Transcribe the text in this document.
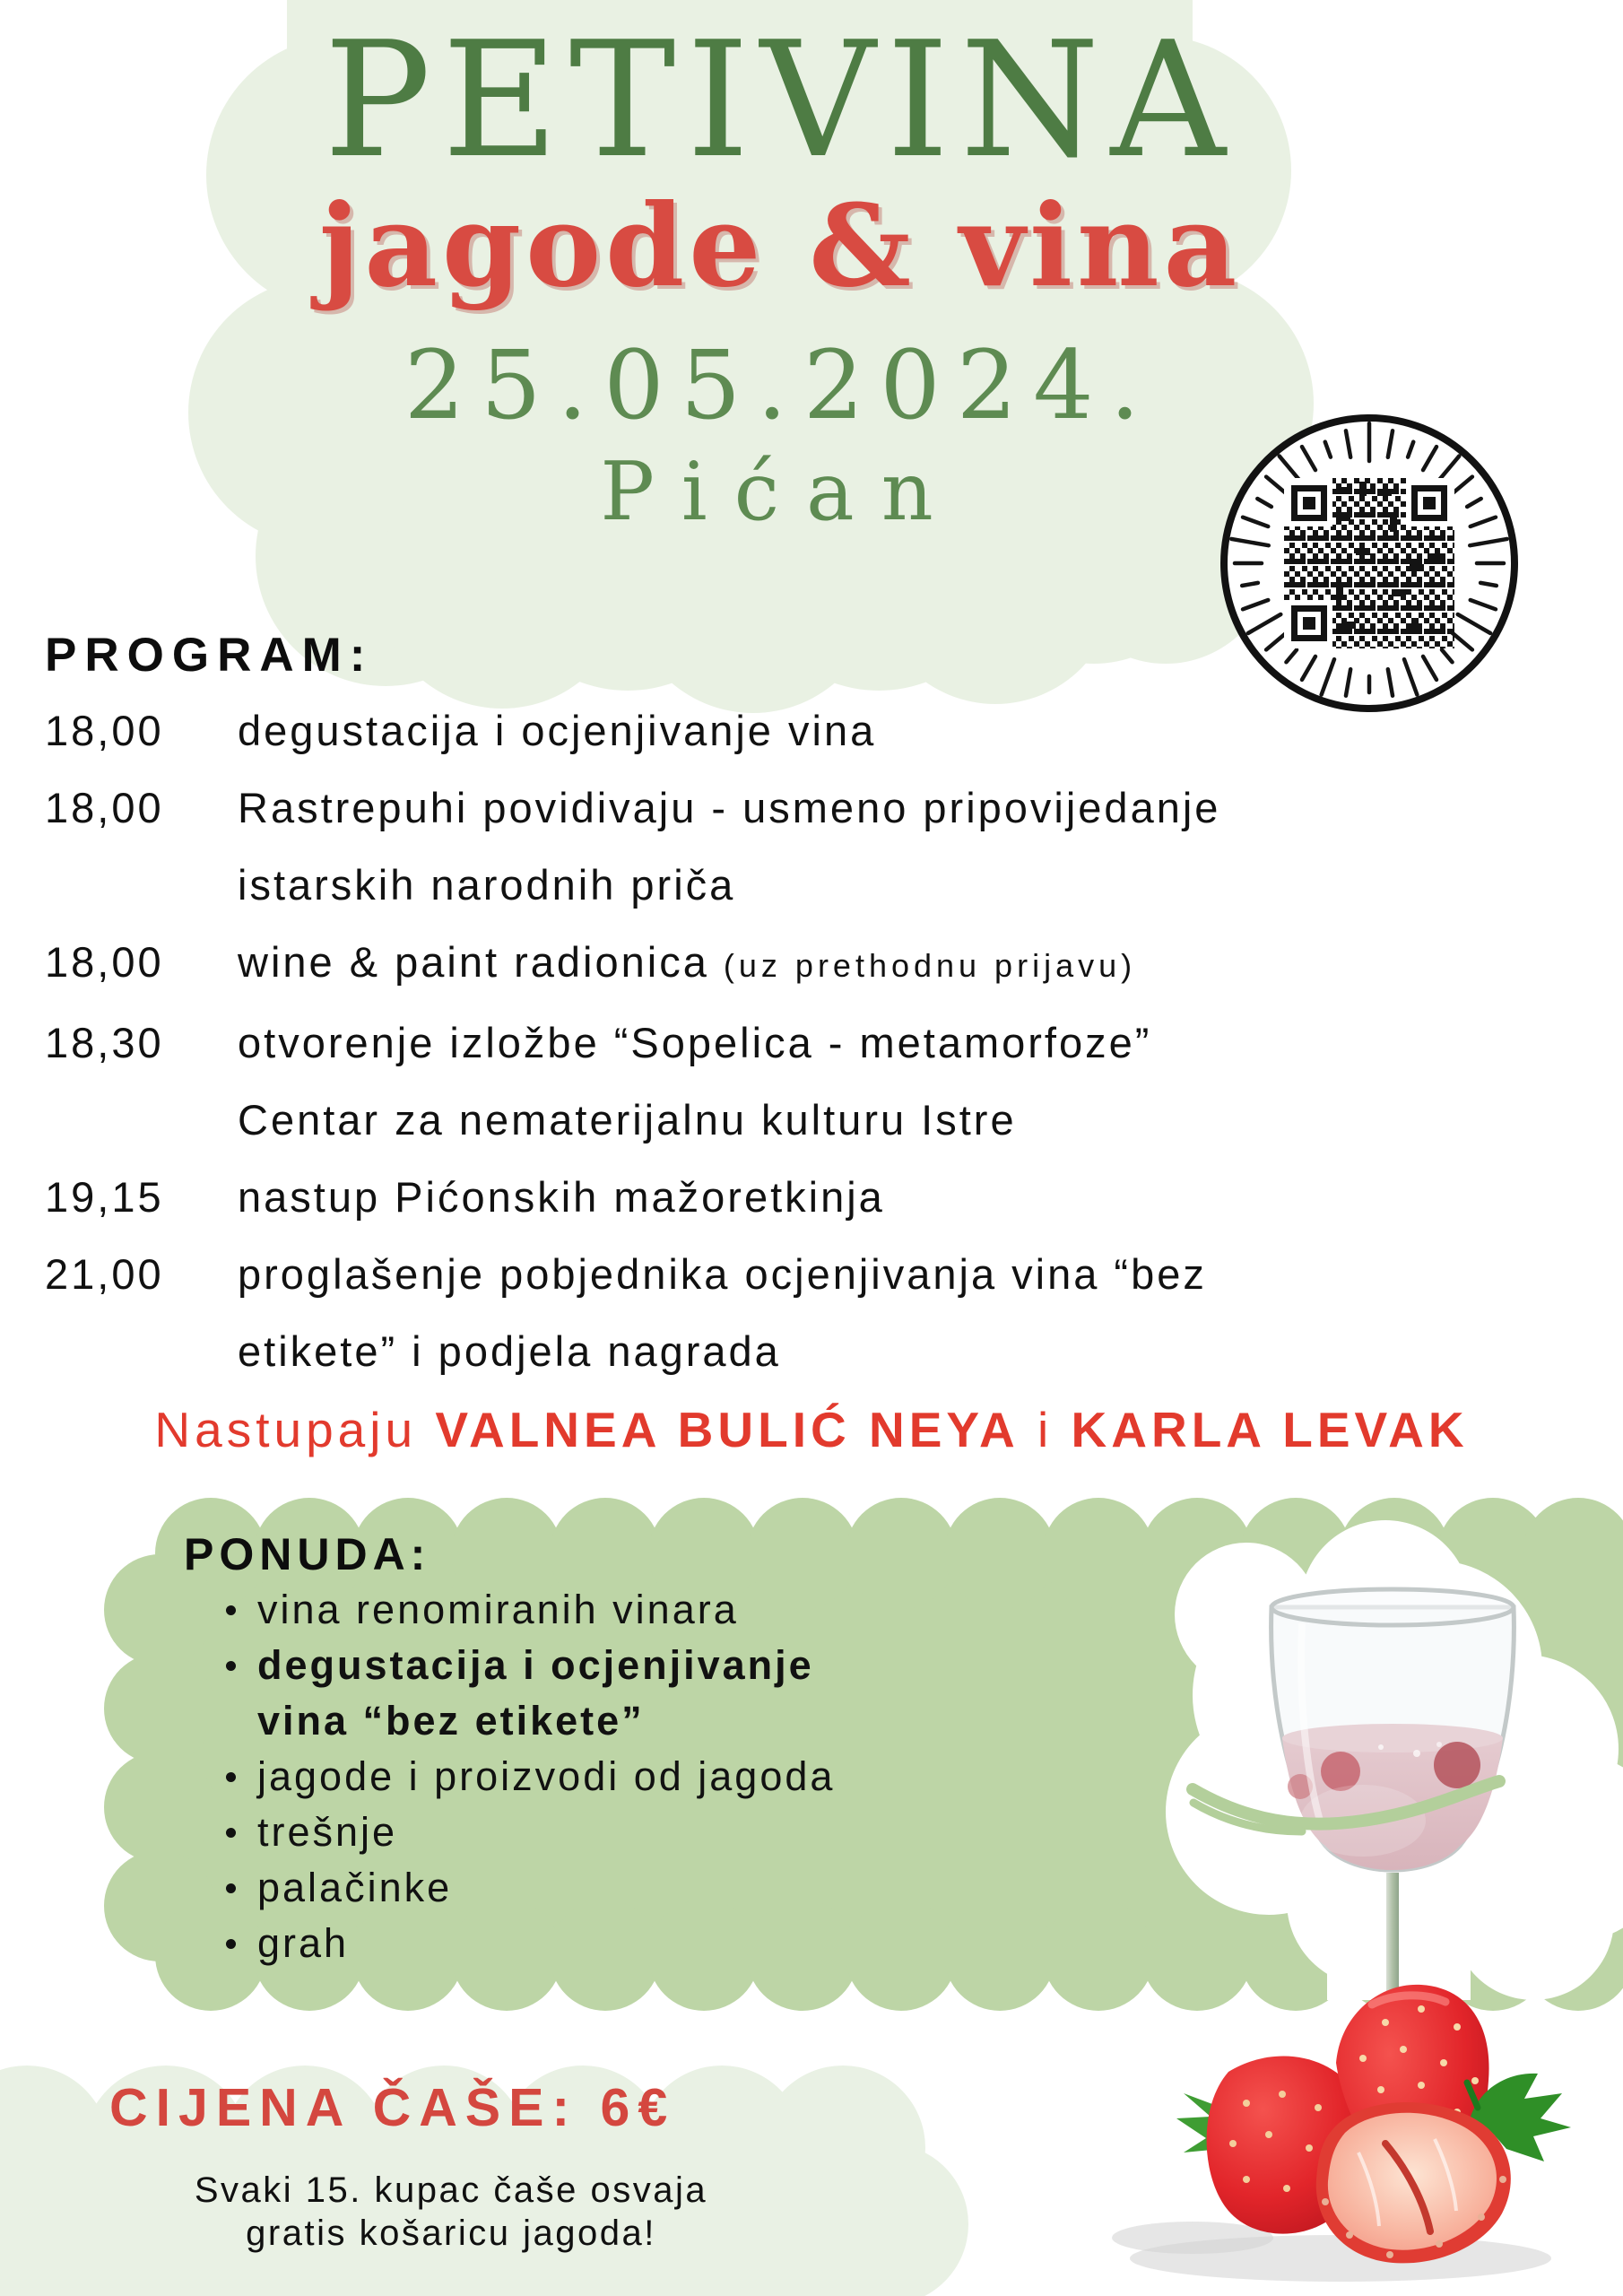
PETIVINA
jagode & vina
25.05.2024.
Pićan
PROGRAM:
18,00	degustacija i ocjenjivanje vina
18,00	Rastrepuhi povidivaju - usmeno pripovijedanje
istarskih narodnih priča
18,00	wine & paint radionica (uz prethodnu prijavu)
18,30	otvorenje izložbe “Sopelica - metamorfoze”
Centar za nematerijalnu kulturu Istre
19,15	nastup Pićonskih mažoretkinja
21,00	proglašenje pobjednika ocjenjivanja vina “bez
etikete” i podjela nagrada
Nastupaju VALNEA BULIĆ NEYA i KARLA LEVAK
PONUDA:
vina renomiranih vinara
degustacija i ocjenjivanje
vina “bez etikete”
jagode i proizvodi od jagoda
trešnje
palačinke
grah
CIJENA ČAŠE: 6€
Svaki 15. kupac čaše osvaja
gratis košaricu jagoda!
